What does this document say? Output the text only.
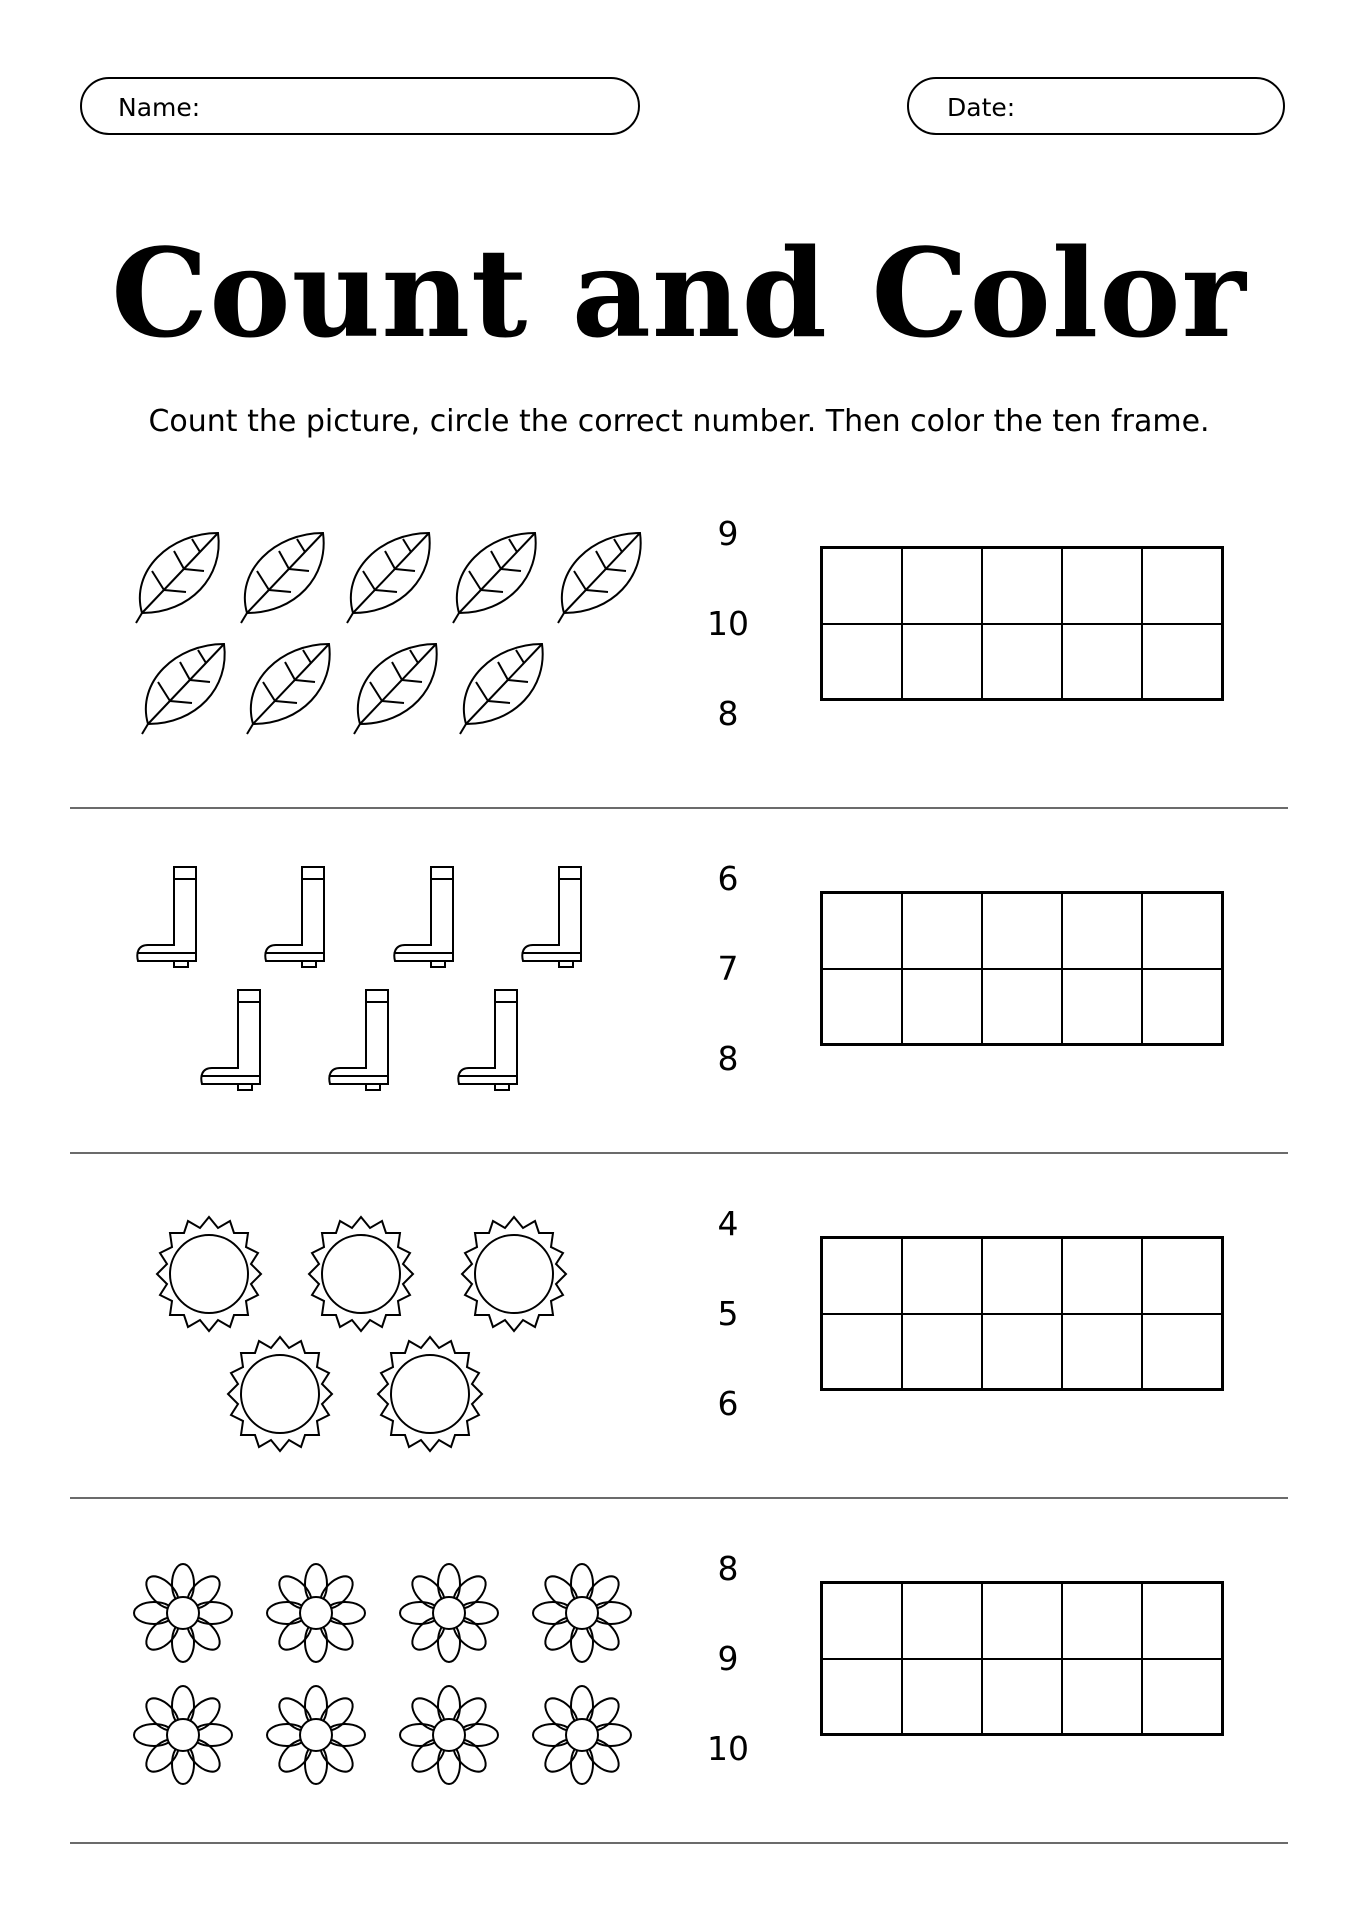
Name:	Date:
Count and Color
Count the picture, circle the correct number. Then color the ten frame.
9
10
8
6
7
8
4
5
6
8
9
10
